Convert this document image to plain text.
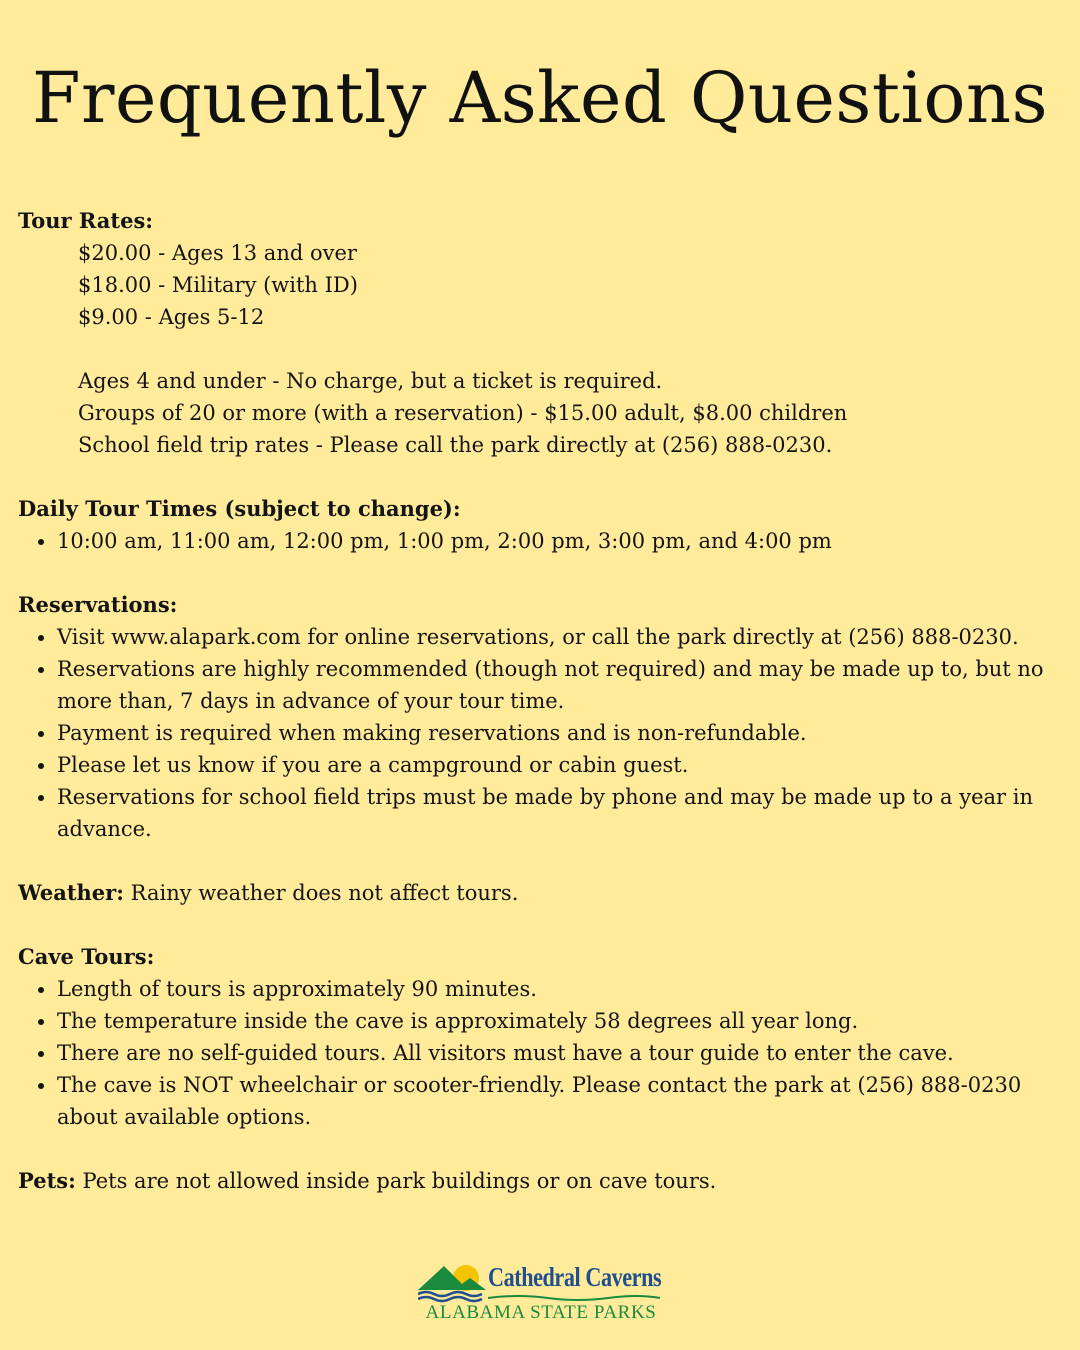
Frequently Asked Questions

Tour Rates:

$20.00 - Ages 13 and over

$18.00 - Military (with ID)

$9.00 - Ages 5-12

Ages 4 and under - No charge, but a ticket is required.

Groups of 20 or more (with a reservation) - $15.00 adult, $8.00 children

School field trip rates - Please call the park directly at (256) 888-0230.

Daily Tour Times (subject to change):

• 10:00 am, 11:00 am, 12:00 pm, 1:00 pm, 2:00 pm, 3:00 pm, and 4:00 pm

Reservations:

• Visit www.alapark.com for online reservations, or call the park directly at (256) 888-0230.
• Reservations are highly recommended (though not required) and may be made up to, but no more than, 7 days in advance of your tour time.
• Payment is required when making reservations and is non-refundable.
• Please let us know if you are a campground or cabin guest.
• Reservations for school field trips must be made by phone and may be made up to a year in advance.

Weather: Rainy weather does not affect tours.

Cave Tours:

• Length of tours is approximately 90 minutes.
• The temperature inside the cave is approximately 58 degrees all year long.
• There are no self-guided tours. All visitors must have a tour guide to enter the cave.
• The cave is NOT wheelchair or scooter-friendly. Please contact the park at (256) 888-0230 about available options.

Pets: Pets are not allowed inside park buildings or on cave tours.

Cathedral Caverns
ALABAMA STATE PARKS
